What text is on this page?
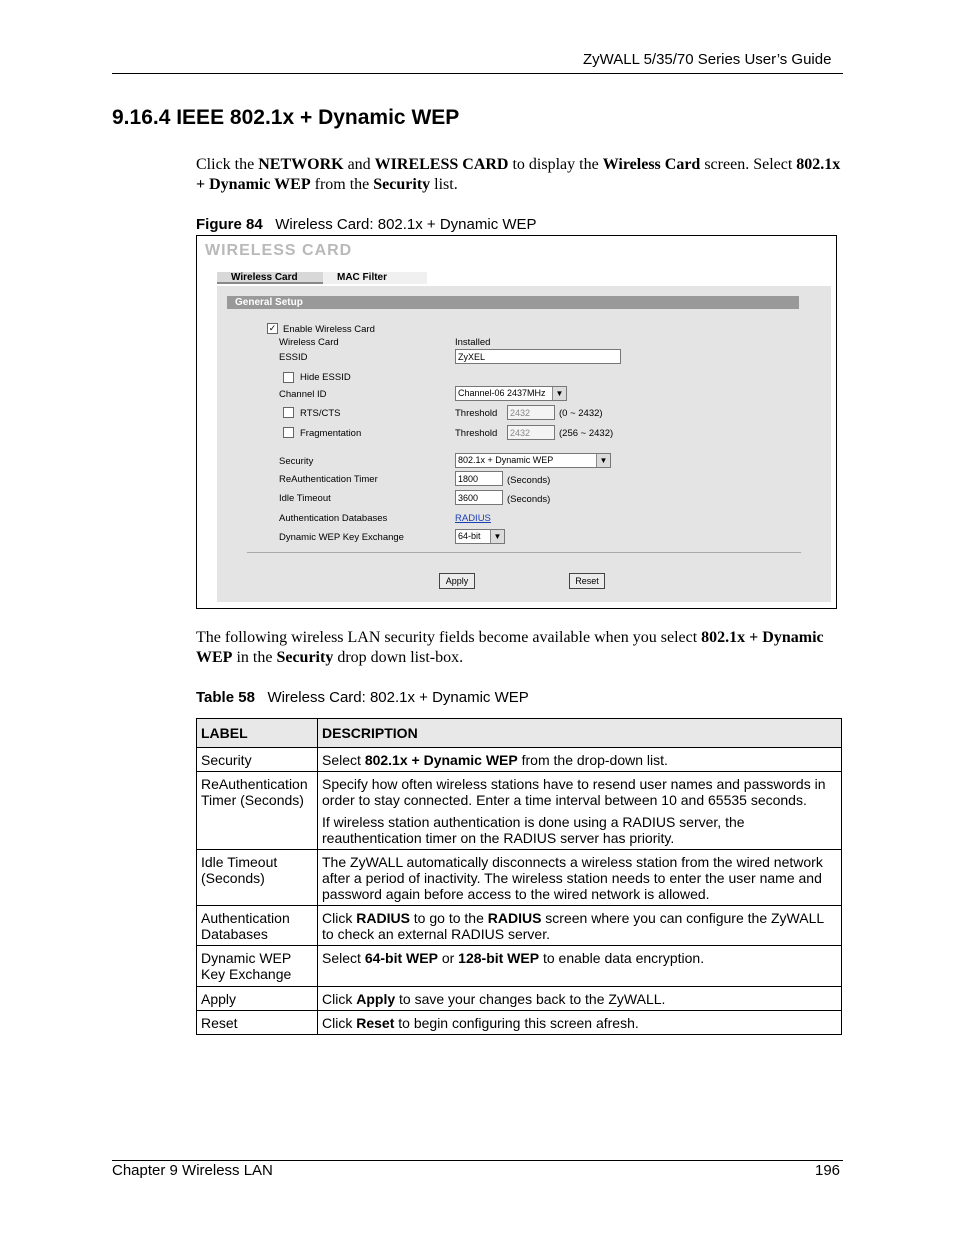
ZyWALL 5/35/70 Series User’s Guide
9.16.4 IEEE 802.1x + Dynamic WEP
Click the NETWORK and WIRELESS CARD to display the Wireless Card screen. Select 802.1x + Dynamic WEP from the Security list.
Figure 84 Wireless Card: 802.1x + Dynamic WEP
WIRELESS CARD
Wireless Card	MAC Filter
General Setup
✓ Enable Wireless Card
Wireless Card	Installed
ESSID	ZyXEL
Hide ESSID
Channel ID	Channel-06 2437MHz	▼
RTS/CTS	Threshold	2432	(0 ~ 2432)
Fragmentation	Threshold	2432	(256 ~ 2432)
Security	802.1x + Dynamic WEP	▼
ReAuthentication Timer	1800	(Seconds)
Idle Timeout	3600	(Seconds)
Authentication Databases	RADIUS
Dynamic WEP Key Exchange	64-bit	▼
Apply	Reset
The following wireless LAN security fields become available when you select 802.1x + Dynamic WEP in the Security drop down list-box.
Table 58 Wireless Card: 802.1x + Dynamic WEP
LABEL	DESCRIPTION
Security	Select 802.1x + Dynamic WEP from the drop-down list.
ReAuthentication Timer (Seconds)	Specify how often wireless stations have to resend user names and passwords in order to stay connected. Enter a time interval between 10 and 65535 seconds.

If wireless station authentication is done using a RADIUS server, the reauthentication timer on the RADIUS server has priority.

Idle Timeout (Seconds)	The ZyWALL automatically disconnects a wireless station from the wired network after a period of inactivity. The wireless station needs to enter the user name and password again before access to the wired network is allowed.
Authentication Databases	Click RADIUS to go to the RADIUS screen where you can configure the ZyWALL to check an external RADIUS server.
Dynamic WEP Key Exchange	Select 64-bit WEP or 128-bit WEP to enable data encryption.
Apply	Click Apply to save your changes back to the ZyWALL.
Reset	Click Reset to begin configuring this screen afresh.
Chapter 9 Wireless LAN	196
